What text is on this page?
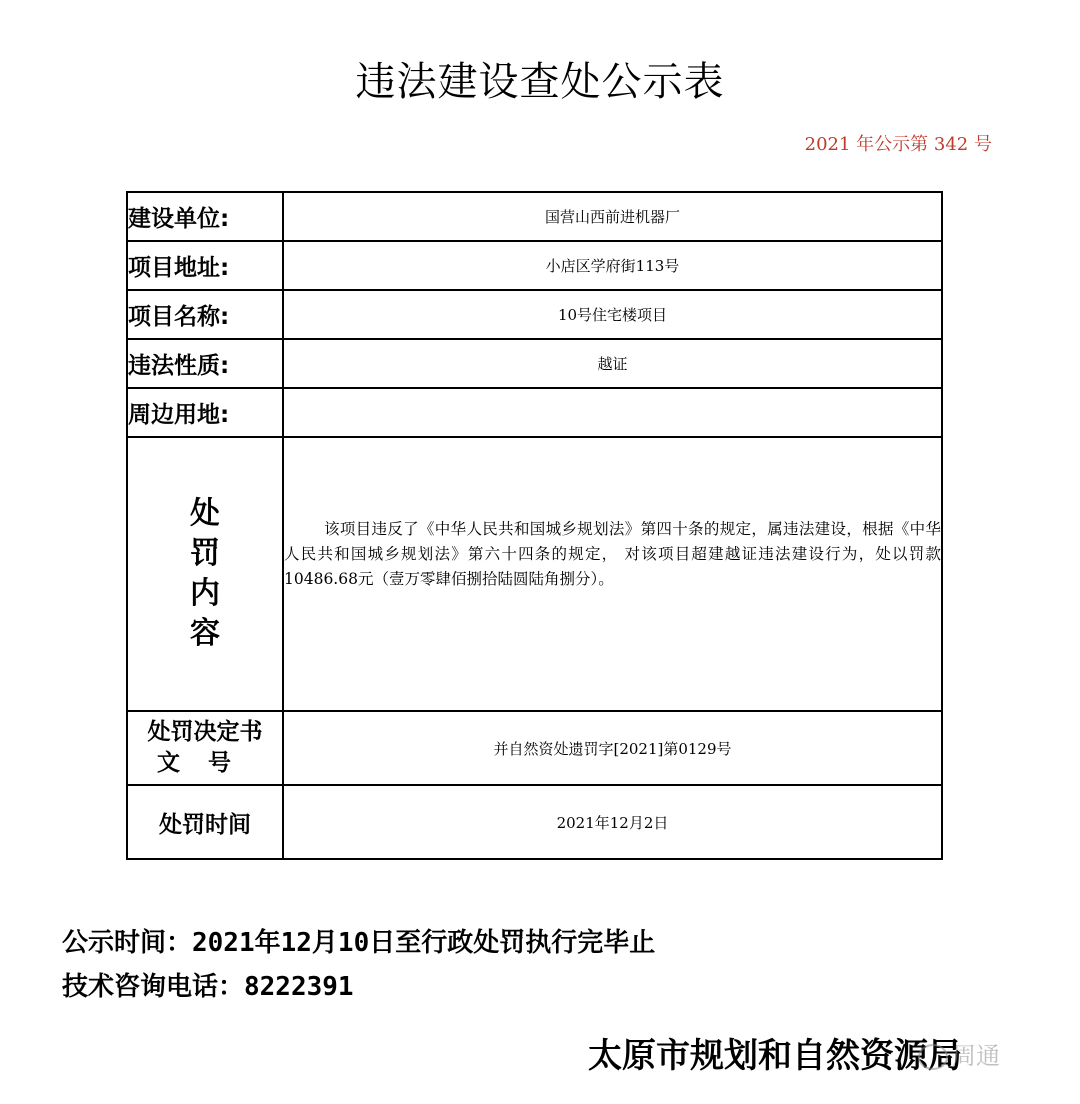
违法建设查处公示表
2021 年公示第 342 号
建设单位:	国营山西前进机器厂
项目地址:	小店区学府街113号
项目名称:	10号住宅楼项目
违法性质:	越证
周边用地:	

处
罚
内
容	该项目违反了《中华人民共和国城乡规划法》第四十条的规定，属违法建设，根据《中华人民共和国城乡规划法》第六十四条的规定， 对该项目超建越证违法建设行为，处以罚款10486.68元（壹万零肆佰捌拾陆圆陆角捌分）。

处罚决定书
文号	并自然资处遗罚字[2021]第0129号
处罚时间	2021年12月2日
公示时间：2021年12月10日至行政处罚执行完毕止
技术咨询电话：8222391
太原市规划和自然资源局
周通
